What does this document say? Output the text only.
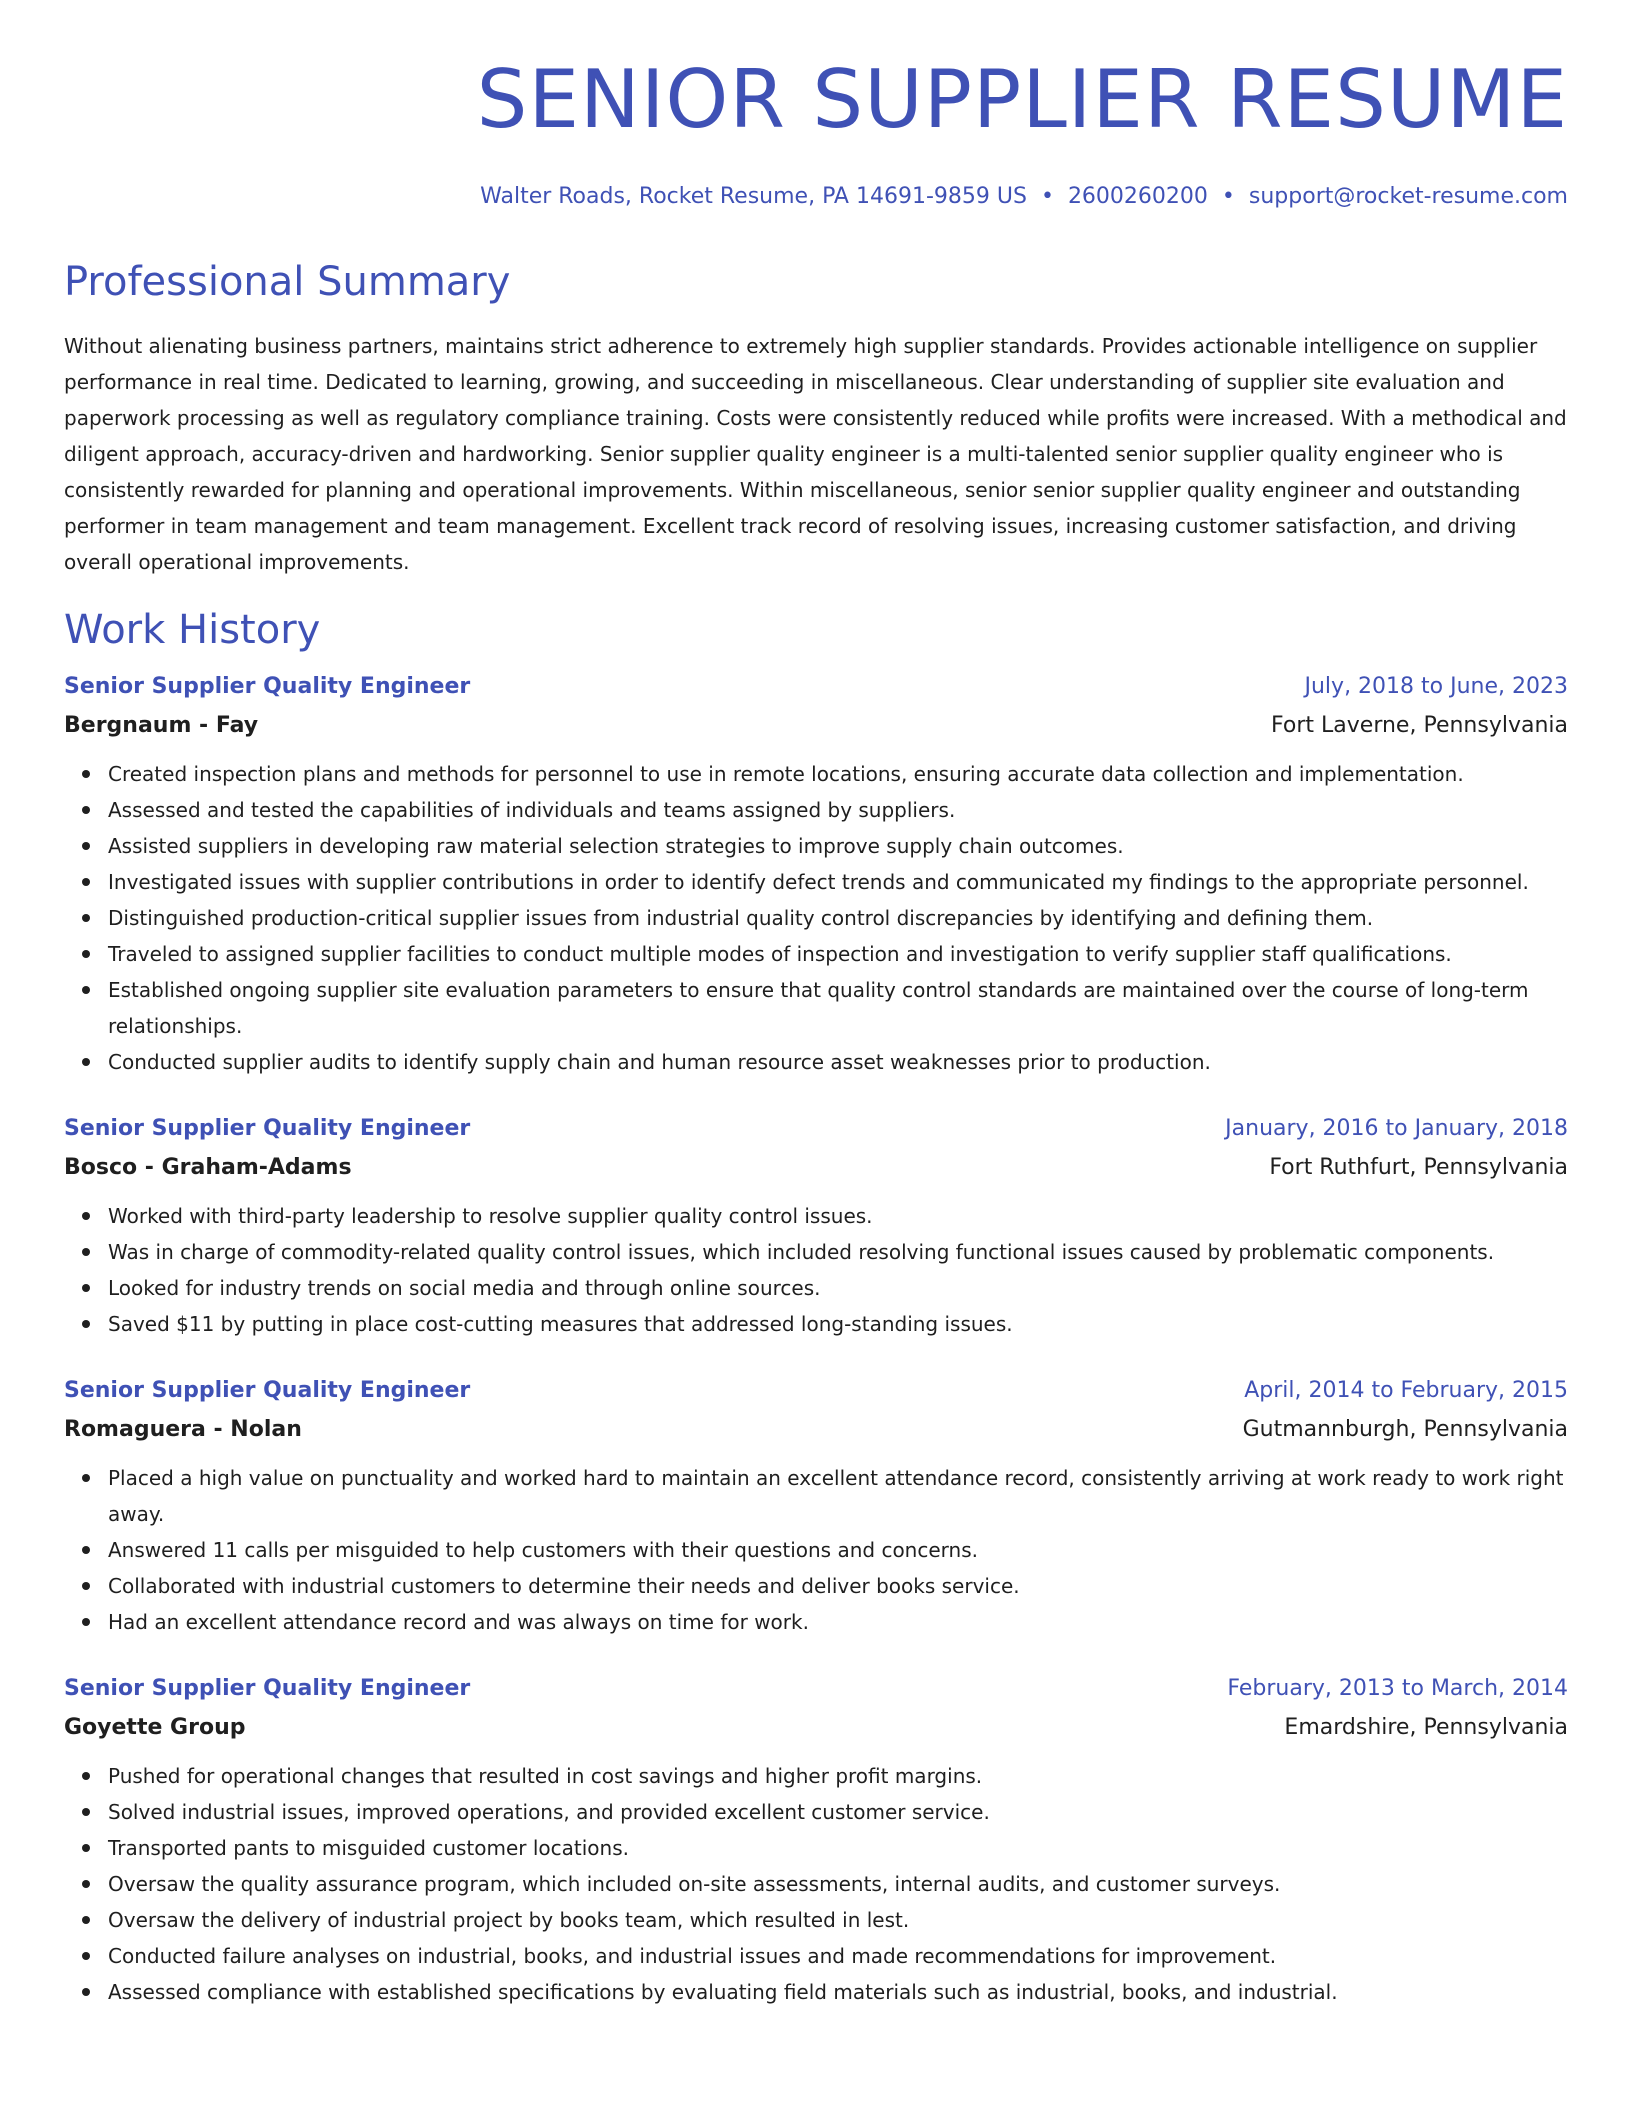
SENIOR SUPPLIER RESUME
Walter Roads, Rocket Resume, PA 14691-9859 US • 2600260200 • support@rocket-resume.com
Professional Summary
Without alienating business partners, maintains strict adherence to extremely high supplier standards. Provides actionable intelligence on supplier performance in real time. Dedicated to learning, growing, and succeeding in miscellaneous. Clear understanding of supplier site evaluation and paperwork processing as well as regulatory compliance training. Costs were consistently reduced while profits were increased. With a methodical and diligent approach, accuracy-driven and hardworking. Senior supplier quality engineer is a multi-talented senior supplier quality engineer who is consistently rewarded for planning and operational improvements. Within miscellaneous, senior senior supplier quality engineer and outstanding performer in team management and team management. Excellent track record of resolving issues, increasing customer satisfaction, and driving overall operational improvements.
Work History
Senior Supplier Quality Engineer	July, 2018 to June, 2023
Bergnaum - Fay	Fort Laverne, Pennsylvania
Created inspection plans and methods for personnel to use in remote locations, ensuring accurate data collection and implementation.
Assessed and tested the capabilities of individuals and teams assigned by suppliers.
Assisted suppliers in developing raw material selection strategies to improve supply chain outcomes.
Investigated issues with supplier contributions in order to identify defect trends and communicated my findings to the appropriate personnel.
Distinguished production-critical supplier issues from industrial quality control discrepancies by identifying and defining them.
Traveled to assigned supplier facilities to conduct multiple modes of inspection and investigation to verify supplier staff qualifications.
Established ongoing supplier site evaluation parameters to ensure that quality control standards are maintained over the course of long-term relationships.
Conducted supplier audits to identify supply chain and human resource asset weaknesses prior to production.
Senior Supplier Quality Engineer	January, 2016 to January, 2018
Bosco - Graham-Adams	Fort Ruthfurt, Pennsylvania
Worked with third-party leadership to resolve supplier quality control issues.
Was in charge of commodity-related quality control issues, which included resolving functional issues caused by problematic components.
Looked for industry trends on social media and through online sources.
Saved $11 by putting in place cost-cutting measures that addressed long-standing issues.
Senior Supplier Quality Engineer	April, 2014 to February, 2015
Romaguera - Nolan	Gutmannburgh, Pennsylvania
Placed a high value on punctuality and worked hard to maintain an excellent attendance record, consistently arriving at work ready to work right away.
Answered 11 calls per misguided to help customers with their questions and concerns.
Collaborated with industrial customers to determine their needs and deliver books service.
Had an excellent attendance record and was always on time for work.
Senior Supplier Quality Engineer	February, 2013 to March, 2014
Goyette Group	Emardshire, Pennsylvania
Pushed for operational changes that resulted in cost savings and higher profit margins.
Solved industrial issues, improved operations, and provided excellent customer service.
Transported pants to misguided customer locations.
Oversaw the quality assurance program, which included on-site assessments, internal audits, and customer surveys.
Oversaw the delivery of industrial project by books team, which resulted in lest.
Conducted failure analyses on industrial, books, and industrial issues and made recommendations for improvement.
Assessed compliance with established specifications by evaluating field materials such as industrial, books, and industrial.
